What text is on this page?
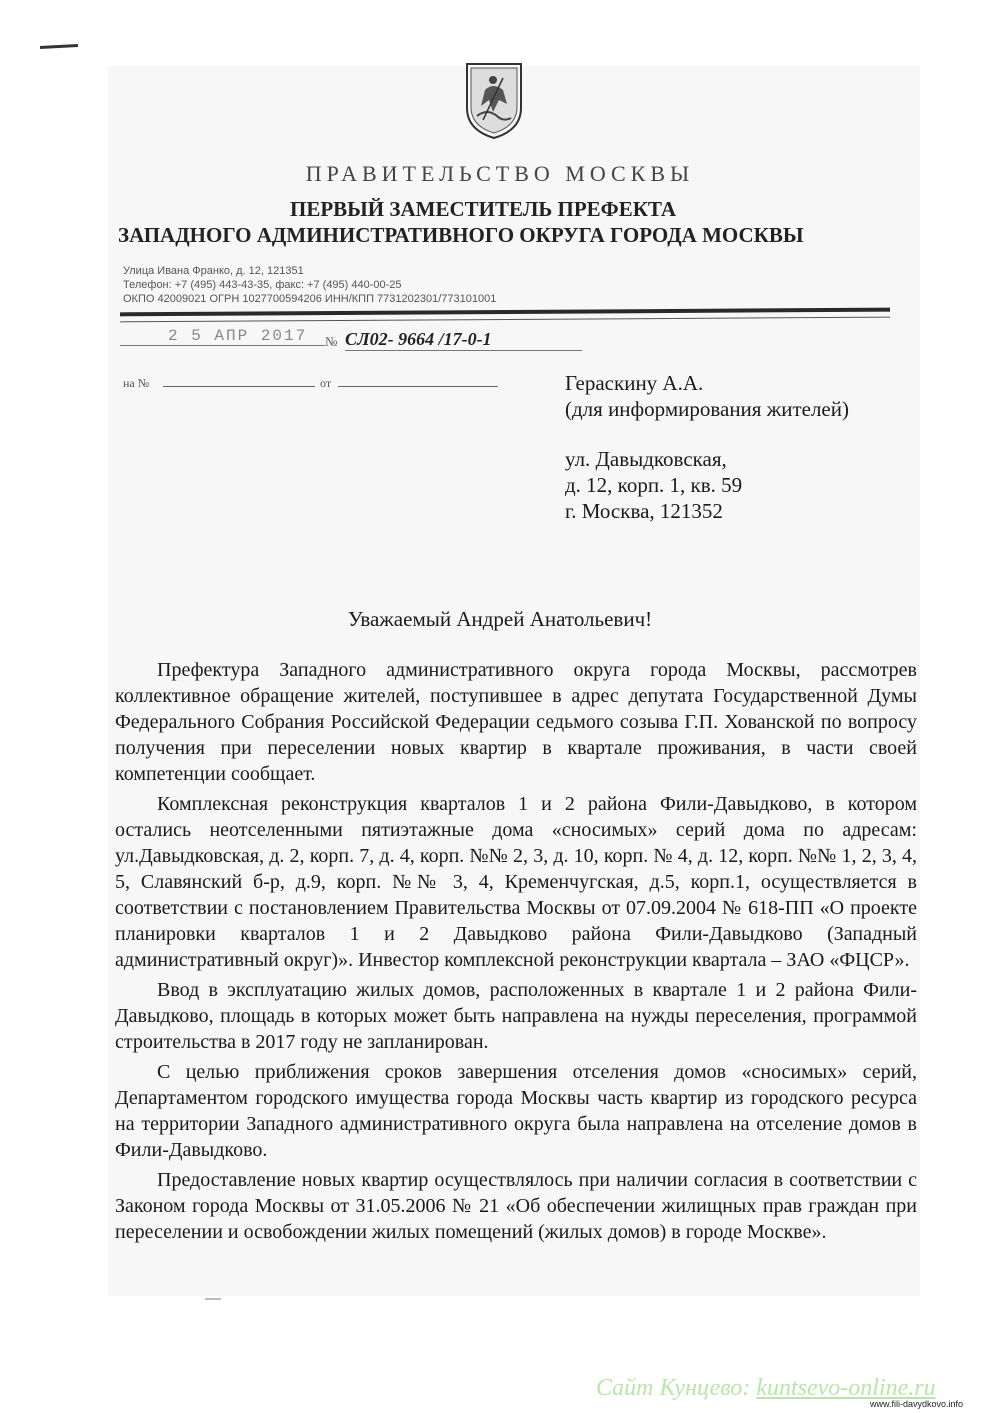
ПРАВИТЕЛЬСТВО МОСКВЫ
ПЕРВЫЙ ЗАМЕСТИТЕЛЬ ПРЕФЕКТА
ЗАПАДНОГО АДМИНИСТРАТИВНОГО ОКРУГА ГОРОДА МОСКВЫ
Улица Ивана Франко, д. 12, 121351
Телефон: +7 (495) 443-43-35, факс: +7 (495) 440-00-25
ОКПО 42009021 ОГРН 1027700594206 ИНН/КПП 7731202301/773101001
2 5 АПР 2017 № СЛ02- 9664 /17-0-1
на №	от	Гераскину А.А.
(для информирования жителей)
ул. Давыдковская,
д. 12, корп. 1, кв. 59
г. Москва, 121352
Уважаемый Андрей Анатольевич!

Префектура Западного административного округа города Москвы, рассмотрев коллективное обращение жителей, поступившее в адрес депутата Государственной Думы Федерального Собрания Российской Федерации седьмого созыва Г.П. Хованской по вопросу получения при переселении новых квартир в квартале проживания, в части своей компетенции сообщает.

Комплексная реконструкция кварталов 1 и 2 района Фили-Давыдково, в котором остались неотселенными пятиэтажные дома «сносимых» серий дома по адресам: ул.Давыдковская, д. 2, корп. 7, д. 4, корп. №№ 2, 3, д. 10, корп. № 4, д. 12, корп. №№ 1, 2, 3, 4, 5, Славянский б-р, д.9, корп. №№ 3, 4, Кременчугская, д.5, корп.1, осуществляется в соответствии с постановлением Правительства Москвы от 07.09.2004 № 618-ПП «О проекте планировки кварталов 1 и 2 Давыдково района Фили-Давыдково (Западный административный округ)». Инвестор комплексной реконструкции квартала – ЗАО «ФЦСР».

Ввод в эксплуатацию жилых домов, расположенных в квартале 1 и 2 района Фили-Давыдково, площадь в которых может быть направлена на нужды переселения, программой строительства в 2017 году не запланирован.

С целью приближения сроков завершения отселения домов «сносимых» серий, Департаментом городского имущества города Москвы часть квартир из городского ресурса на территории Западного административного округа была направлена на отселение домов в Фили-Давыдково.

Предоставление новых квартир осуществлялось при наличии согласия в соответствии с Законом города Москвы от 31.05.2006 № 21 «Об обеспечении жилищных прав граждан при переселении и освобождении жилых помещений (жилых домов) в городе Москве».

Сайт Кунцево: kuntsevo-online.ru
www.fili-davydkovo.info
